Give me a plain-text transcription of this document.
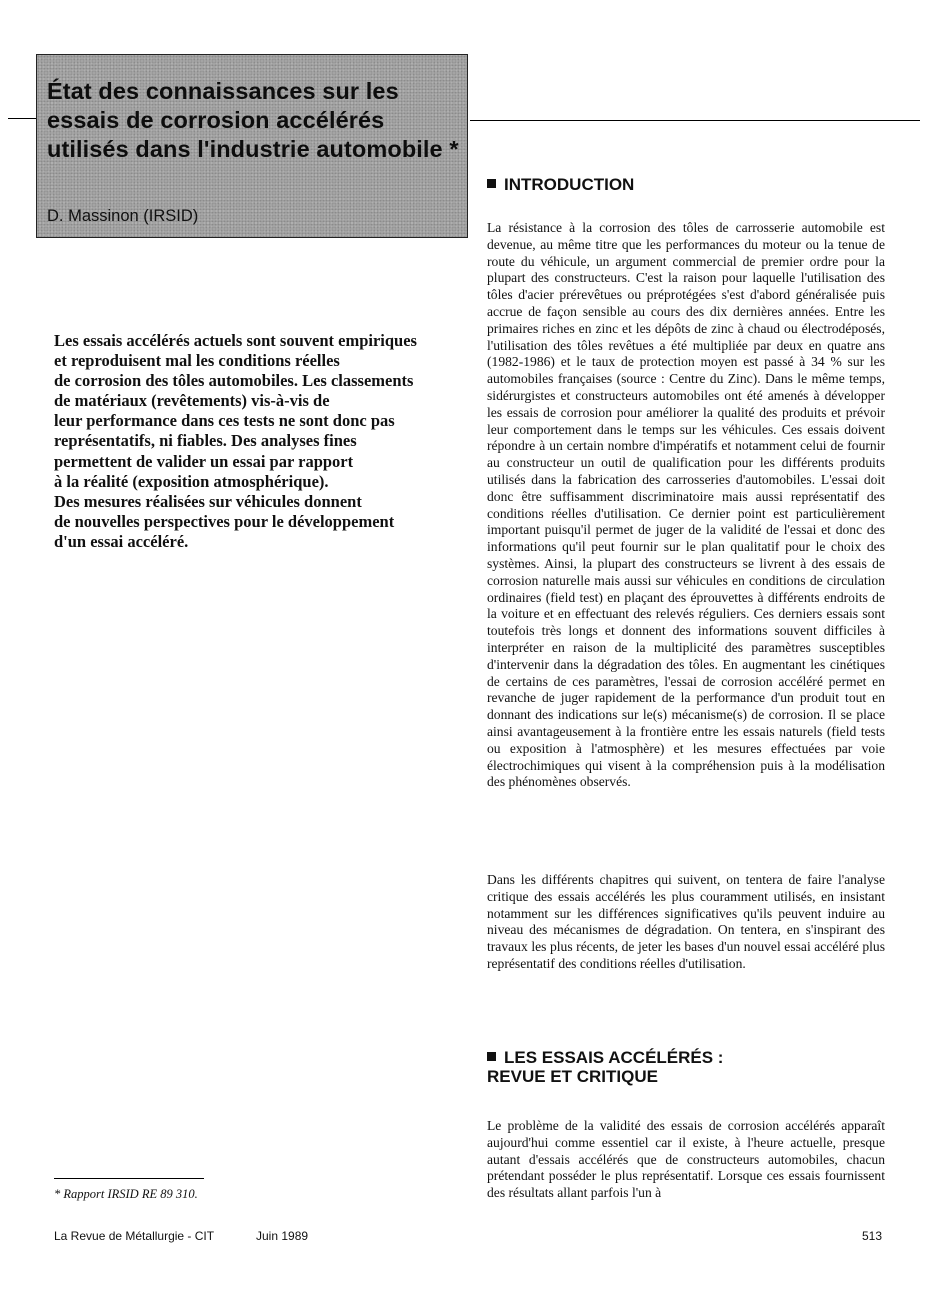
État des connaissances sur les essais de corrosion accélérés utilisés dans l'industrie automobile *
D. Massinon (IRSID)
Les essais accélérés actuels sont souvent empiriques
et reproduisent mal les conditions réelles
de corrosion des tôles automobiles. Les classements
de matériaux (revêtements) vis-à-vis de
leur performance dans ces tests ne sont donc pas
représentatifs, ni fiables. Des analyses fines
permettent de valider un essai par rapport
à la réalité (exposition atmosphérique).
Des mesures réalisées sur véhicules donnent
de nouvelles perspectives pour le développement
d'un essai accéléré.
INTRODUCTION

La résistance à la corrosion des tôles de carrosserie automobile est devenue, au même titre que les performances du moteur ou la tenue de route du véhicule, un argument commercial de premier ordre pour la plupart des constructeurs. C'est la raison pour laquelle l'utilisation des tôles d'acier prérevêtues ou préprotégées s'est d'abord généralisée puis accrue de façon sensible au cours des dix dernières années. Entre les primaires riches en zinc et les dépôts de zinc à chaud ou électrodéposés, l'utilisation des tôles revêtues a été multipliée par deux en quatre ans (1982-1986) et le taux de protection moyen est passé à 34 % sur les automobiles françaises (source : Centre du Zinc). Dans le même temps, sidérurgistes et constructeurs automobiles ont été amenés à développer les essais de corrosion pour améliorer la qualité des produits et prévoir leur comportement dans le temps sur les véhicules. Ces essais doivent répondre à un certain nombre d'impératifs et notamment celui de fournir au constructeur un outil de qualification pour les différents produits utilisés dans la fabrication des carrosseries d'automobiles. L'essai doit donc être suffisamment discriminatoire mais aussi représentatif des conditions réelles d'utilisation. Ce dernier point est particulièrement important puisqu'il permet de juger de la validité de l'essai et donc des informations qu'il peut fournir sur le plan qualitatif pour le choix des systèmes. Ainsi, la plupart des constructeurs se livrent à des essais de corrosion naturelle mais aussi sur véhicules en conditions de circulation ordinaires (field test) en plaçant des éprouvettes à différents endroits de la voiture et en effectuant des relevés réguliers. Ces derniers essais sont toutefois très longs et donnent des informations souvent difficiles à interpréter en raison de la multiplicité des paramètres susceptibles d'intervenir dans la dégradation des tôles. En augmentant les cinétiques de certains de ces paramètres, l'essai de corrosion accéléré permet en revanche de juger rapidement de la performance d'un produit tout en donnant des indications sur le(s) mécanisme(s) de corrosion. Il se place ainsi avantageusement à la frontière entre les essais naturels (field tests ou exposition à l'atmosphère) et les mesures effectuées par voie électrochimiques qui visent à la compréhension puis à la modélisation des phénomènes observés.

Dans les différents chapitres qui suivent, on tentera de faire l'analyse critique des essais accélérés les plus couramment utilisés, en insistant notamment sur les différences significatives qu'ils peuvent induire au niveau des mécanismes de dégradation. On tentera, en s'inspirant des travaux les plus récents, de jeter les bases d'un nouvel essai accéléré plus représentatif des conditions réelles d'utilisation.

LES ESSAIS ACCÉLÉRÉS :
REVUE ET CRITIQUE

Le problème de la validité des essais de corrosion accélérés apparaît aujourd'hui comme essentiel car il existe, à l'heure actuelle, presque autant d'essais accélérés que de constructeurs automobiles, chacun prétendant posséder le plus représentatif. Lorsque ces essais fournissent des résultats allant parfois l'un à

* Rapport IRSID RE 89 310.
La Revue de Métallurgie - CIT	Juin 1989	513
